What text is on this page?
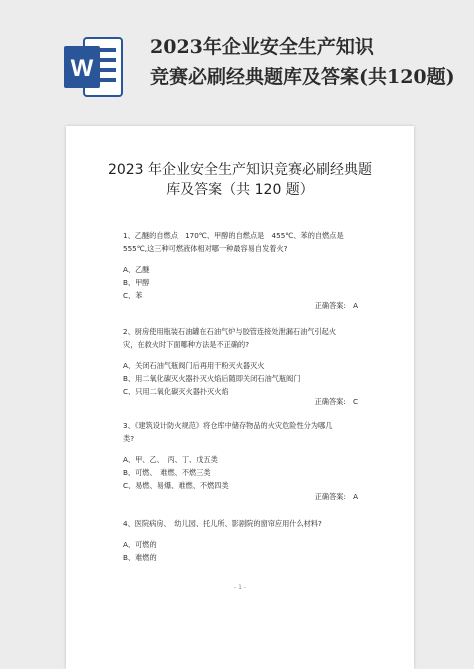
W
2023年企业安全生产知识
竞赛必刷经典题库及答案(共120题)

2023 年企业安全生产知识竞赛必刷经典题
库及答案（共 120 题）
1、乙醚的自燃点　170℃、甲醇的自燃点是　455℃、苯的自燃点是
555℃,这三种可燃液体相对哪一种最容易自发着火?
A、乙醚
B、甲醇
C、苯
正确答案:　A
2、厨房使用瓶装石油罐在石油气炉与胶管连接处泄漏石油气引起火
灾，在救火时下面哪种方法是不正确的?
A、关闭石油气瓶阀门后再用干粉灭火器灭火
B、用二氧化碳灭火器扑灭火焰后随即关闭石油气瓶阀门
C、只用二氧化碳灭火器扑灭火焰
正确答案:　C
3、《建筑设计防火规范》将仓库中储存物品的火灾危险性分为哪几
类?
A、甲、乙、　丙、丁、戊五类
B、可燃、　难燃、不燃三类
C、易燃、易爆、难燃、不燃四类
正确答案:　A
4、医院病房、　幼儿园、托儿所、影剧院的窗帘应用什么材料?
A、可燃的
B、难燃的
- 1 -
